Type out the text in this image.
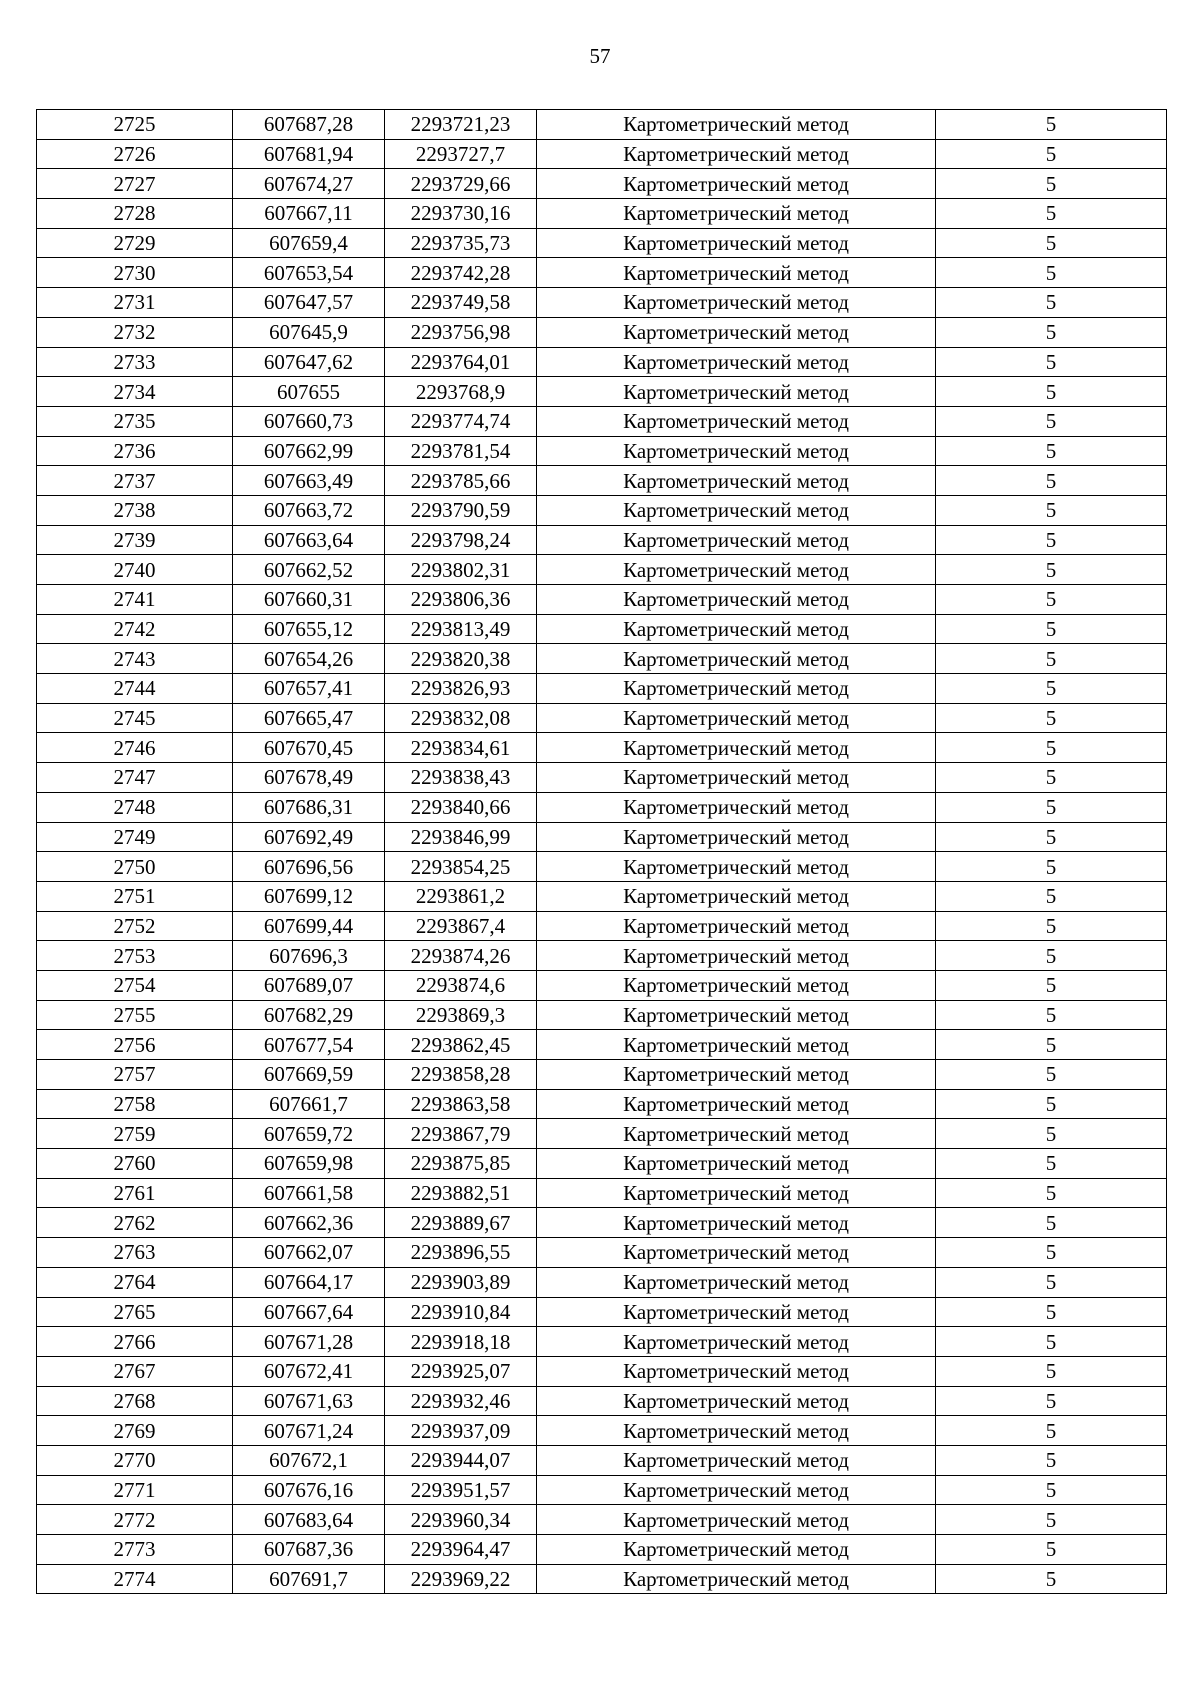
57
2725	607687,28	2293721,23	Картометрический метод	5
2726	607681,94	2293727,7	Картометрический метод	5
2727	607674,27	2293729,66	Картометрический метод	5
2728	607667,11	2293730,16	Картометрический метод	5
2729	607659,4	2293735,73	Картометрический метод	5
2730	607653,54	2293742,28	Картометрический метод	5
2731	607647,57	2293749,58	Картометрический метод	5
2732	607645,9	2293756,98	Картометрический метод	5
2733	607647,62	2293764,01	Картометрический метод	5
2734	607655	2293768,9	Картометрический метод	5
2735	607660,73	2293774,74	Картометрический метод	5
2736	607662,99	2293781,54	Картометрический метод	5
2737	607663,49	2293785,66	Картометрический метод	5
2738	607663,72	2293790,59	Картометрический метод	5
2739	607663,64	2293798,24	Картометрический метод	5
2740	607662,52	2293802,31	Картометрический метод	5
2741	607660,31	2293806,36	Картометрический метод	5
2742	607655,12	2293813,49	Картометрический метод	5
2743	607654,26	2293820,38	Картометрический метод	5
2744	607657,41	2293826,93	Картометрический метод	5
2745	607665,47	2293832,08	Картометрический метод	5
2746	607670,45	2293834,61	Картометрический метод	5
2747	607678,49	2293838,43	Картометрический метод	5
2748	607686,31	2293840,66	Картометрический метод	5
2749	607692,49	2293846,99	Картометрический метод	5
2750	607696,56	2293854,25	Картометрический метод	5
2751	607699,12	2293861,2	Картометрический метод	5
2752	607699,44	2293867,4	Картометрический метод	5
2753	607696,3	2293874,26	Картометрический метод	5
2754	607689,07	2293874,6	Картометрический метод	5
2755	607682,29	2293869,3	Картометрический метод	5
2756	607677,54	2293862,45	Картометрический метод	5
2757	607669,59	2293858,28	Картометрический метод	5
2758	607661,7	2293863,58	Картометрический метод	5
2759	607659,72	2293867,79	Картометрический метод	5
2760	607659,98	2293875,85	Картометрический метод	5
2761	607661,58	2293882,51	Картометрический метод	5
2762	607662,36	2293889,67	Картометрический метод	5
2763	607662,07	2293896,55	Картометрический метод	5
2764	607664,17	2293903,89	Картометрический метод	5
2765	607667,64	2293910,84	Картометрический метод	5
2766	607671,28	2293918,18	Картометрический метод	5
2767	607672,41	2293925,07	Картометрический метод	5
2768	607671,63	2293932,46	Картометрический метод	5
2769	607671,24	2293937,09	Картометрический метод	5
2770	607672,1	2293944,07	Картометрический метод	5
2771	607676,16	2293951,57	Картометрический метод	5
2772	607683,64	2293960,34	Картометрический метод	5
2773	607687,36	2293964,47	Картометрический метод	5
2774	607691,7	2293969,22	Картометрический метод	5
